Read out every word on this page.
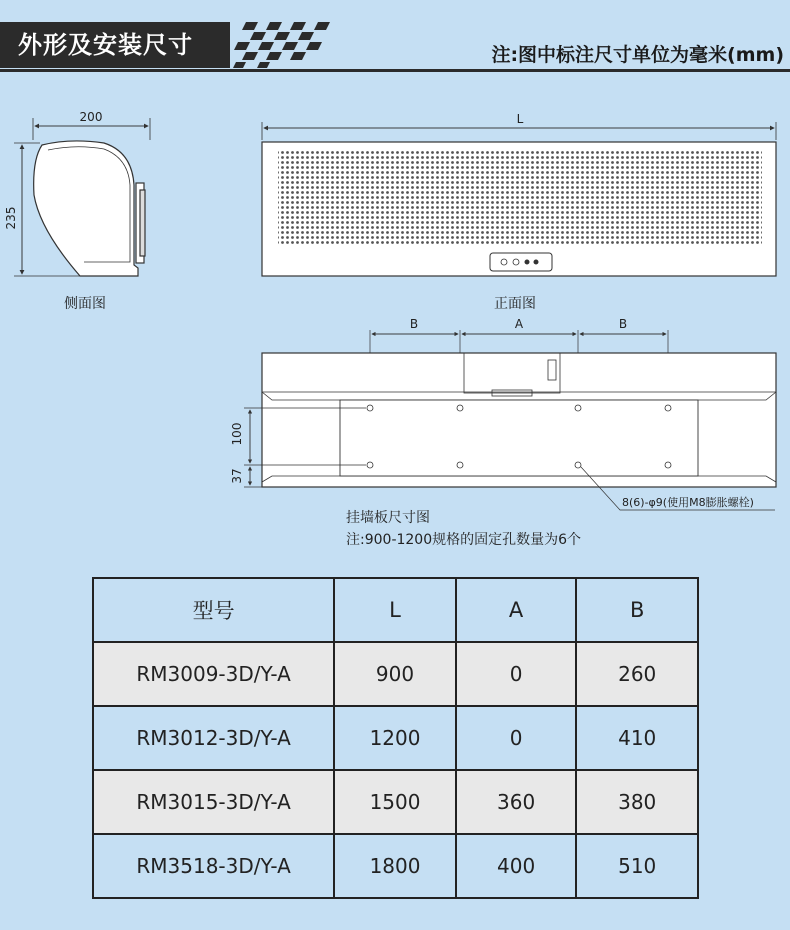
外形及安装尺寸	注:图中标注尺寸单位为毫米(mm)
200
235
L
B	A	B
100
37
8(6)-φ9(使用M8膨胀螺栓)
侧面图	正面图
挂墙板尺寸图
注:900-1200规格的固定孔数量为6个
型号	L	A	B
RM3009-3D/Y-A	900	0	260
RM3012-3D/Y-A	1200	0	410
RM3015-3D/Y-A	1500	360	380
RM3518-3D/Y-A	1800	400	510
